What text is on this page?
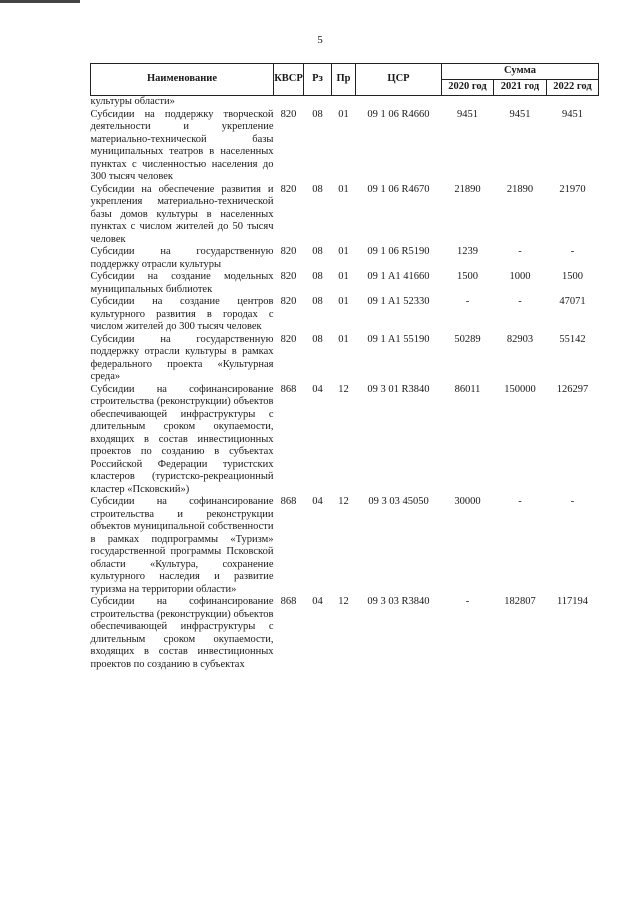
5
Наименование	КВСР	Рз	Пр	ЦСР	Сумма		
					2020 год	2021 год	2022 год
культуры области»							
Субсидии на поддержку творческой деятельности и укрепление материально-технической базы муниципальных театров в населенных пунктах с численностью населения до 300 тысяч человек	820	08	01	09 1 06 R4660	9451	9451	9451
Субсидии на обеспечение развития и укрепления материально-технической базы домов культуры в населенных пунктах с числом жителей до 50 тысяч человек	820	08	01	09 1 06 R4670	21890	21890	21970
Субсидии на государственную поддержку отрасли культуры	820	08	01	09 1 06 R5190	1239	-	-
Субсидии на создание модельных муниципальных библиотек	820	08	01	09 1 A1 41660	1500	1000	1500
Субсидии на создание центров культурного развития в городах с числом жителей до 300 тысяч человек	820	08	01	09 1 A1 52330	-	-	47071
Субсидии на государственную поддержку отрасли культуры в рамках федерального проекта «Культурная среда»	820	08	01	09 1 A1 55190	50289	82903	55142
Субсидии на софинансирование строительства (реконструкции) объектов обеспечивающей инфраструктуры с длительным сроком окупаемости, входящих в состав инвестиционных проектов по созданию в субъектах Российской Федерации туристских кластеров (туристско-рекреационный кластер «Псковский»)	868	04	12	09 3 01 R3840	86011	150000	126297
Субсидии на софинансирование строительства и реконструкции объектов муниципальной собственности в рамках подпрограммы «Туризм» государственной программы Псковской области «Культура, сохранение культурного наследия и развитие туризма на территории области»	868	04	12	09 3 03 45050	30000	-	-
Субсидии на софинансирование строительства (реконструкции) объектов обеспечивающей инфраструктуры с длительным сроком окупаемости, входящих в состав инвестиционных проектов по созданию в субъектах	868	04	12	09 3 03 R3840	-	182807	117194
